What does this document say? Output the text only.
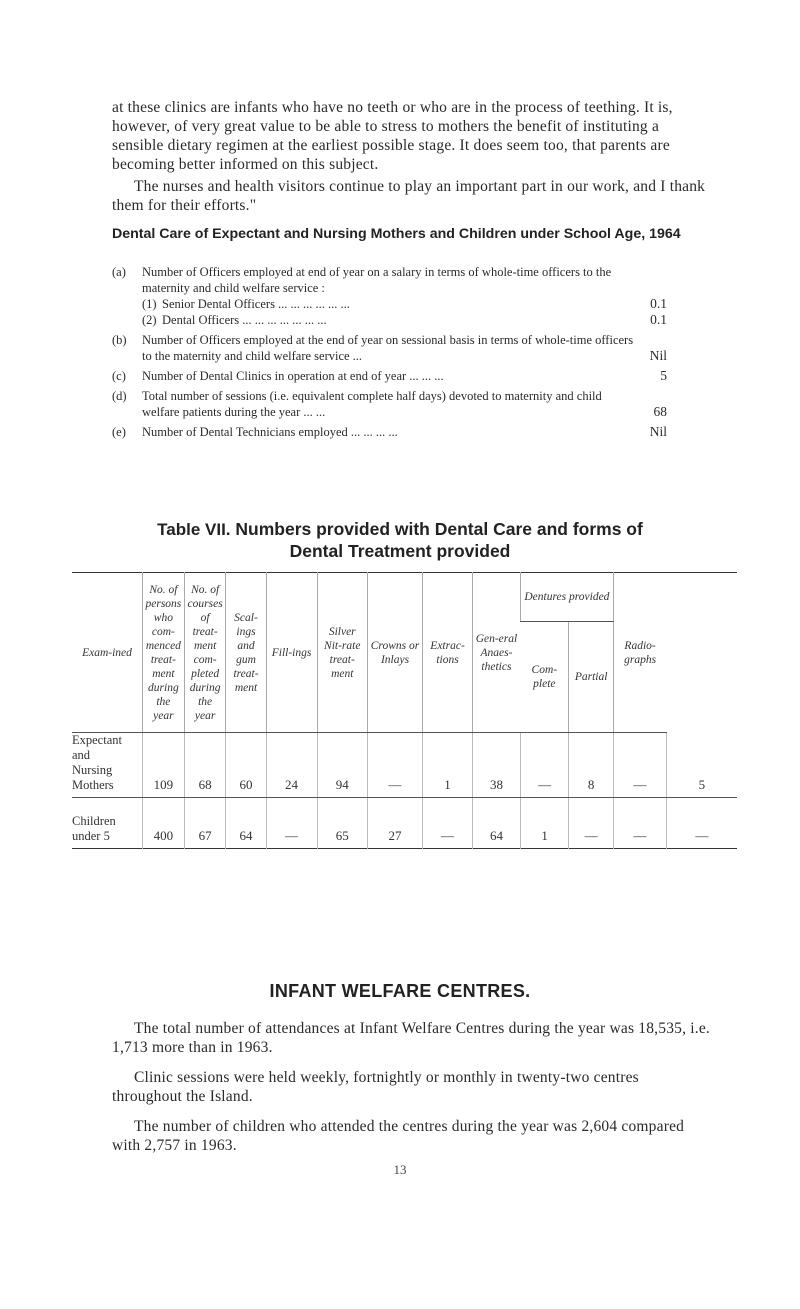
at these clinics are infants who have no teeth or who are in the process of teething. It is, however, of very great value to be able to stress to mothers the benefit of instituting a sensible dietary regimen at the earliest possible stage. It does seem too, that parents are becoming better informed on this subject.

The nurses and health visitors continue to play an important part in our work, and I thank them for their efforts."

Dental Care of Expectant and Nursing Mothers and Children under School Age, 1964

(a)	Number of Officers employed at end of year on a salary in terms of whole-time officers to the maternity and child welfare service :
(1) Senior Dental Officers ... ... ... ... ... ...	0.1
(2) Dental Officers ... ... ... ... ... ... ...	0.1
(b)	Number of Officers employed at the end of year on sessional basis in terms of whole-time officers to the maternity and child welfare service ...	Nil
(c)	Number of Dental Clinics in operation at end of year ... ... ...	5
(d)	Total number of sessions (i.e. equivalent complete half days) devoted to maternity and child welfare patients during the year ... ...	68
(e)	Number of Dental Technicians employed ... ... ... ...	Nil

Table VII. Numbers provided with Dental Care and forms of

Dental Treatment provided

Exam-ined	No. of persons who com-menced treat-ment during the year	No. of courses of treat-ment com-pleted during the year	Scal-ings and gum treat-ment	Fill-ings	Silver Nit-rate treat-ment	Crowns or Inlays	Extrac-tions	Gen-eral Anaes-thetics	Dentures provided		Radio-graphs	
									Com-plete	Partial		
Expectant
and
Nursing
Mothers	109	68	60	24	94	—	1	38	—	8	—	5
Children
under 5	400	67	64	—	65	27	—	64	1	—	—	—

INFANT WELFARE CENTRES.

The total number of attendances at Infant Welfare Centres during the year was 18,535, i.e. 1,713 more than in 1963.

Clinic sessions were held weekly, fortnightly or monthly in twenty-two centres throughout the Island.

The number of children who attended the centres during the year was 2,604 compared with 2,757 in 1963.

13
